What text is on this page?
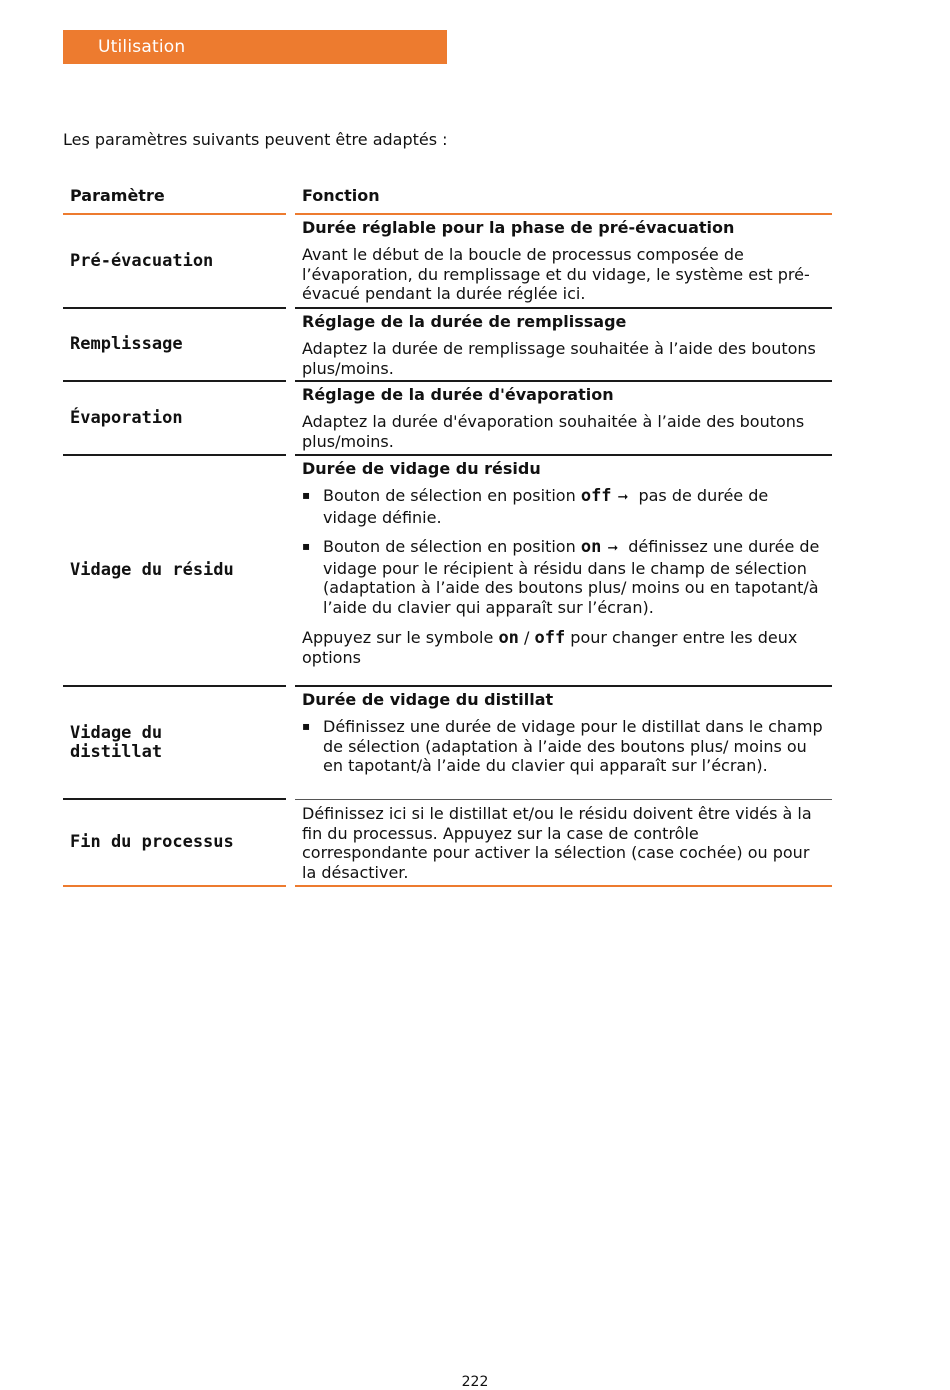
Utilisation
Les paramètres suivants peuvent être adaptés :
Paramètre	Fonction
Pré-évacuation
Durée réglable pour la phase de pré-évacuation
Avant le début de la boucle de processus composée de l’évaporation, du remplissage et du vidage, le système est pré-évacué pendant la durée réglée ici.
Remplissage
Réglage de la durée de remplissage
Adaptez la durée de remplissage souhaitée à l’aide des boutons plus/moins.
Évaporation
Réglage de la durée d'évaporation
Adaptez la durée d'évaporation souhaitée à l’aide des boutons plus/moins.
Vidage du résidu
Durée de vidage du résidu
▪ Bouton de sélection en position off ➞ pas de durée de vidage définie.
▪ Bouton de sélection en position on ➞ définissez une durée de vidage pour le récipient à résidu dans le champ de sélection (adaptation à l’aide des boutons plus/ moins ou en tapotant/à l’aide du clavier qui apparaît sur l’écran).
Appuyez sur le symbole on / off pour changer entre les deux options
Vidage du distillat
Durée de vidage du distillat
▪ Définissez une durée de vidage pour le distillat dans le champ de sélection (adaptation à l’aide des boutons plus/ moins ou en tapotant/à l’aide du clavier qui apparaît sur l’écran).
Fin du processus
Définissez ici si le distillat et/ou le résidu doivent être vidés à la fin du processus. Appuyez sur la case de contrôle correspondante pour activer la sélection (case cochée) ou pour la désactiver.
222
